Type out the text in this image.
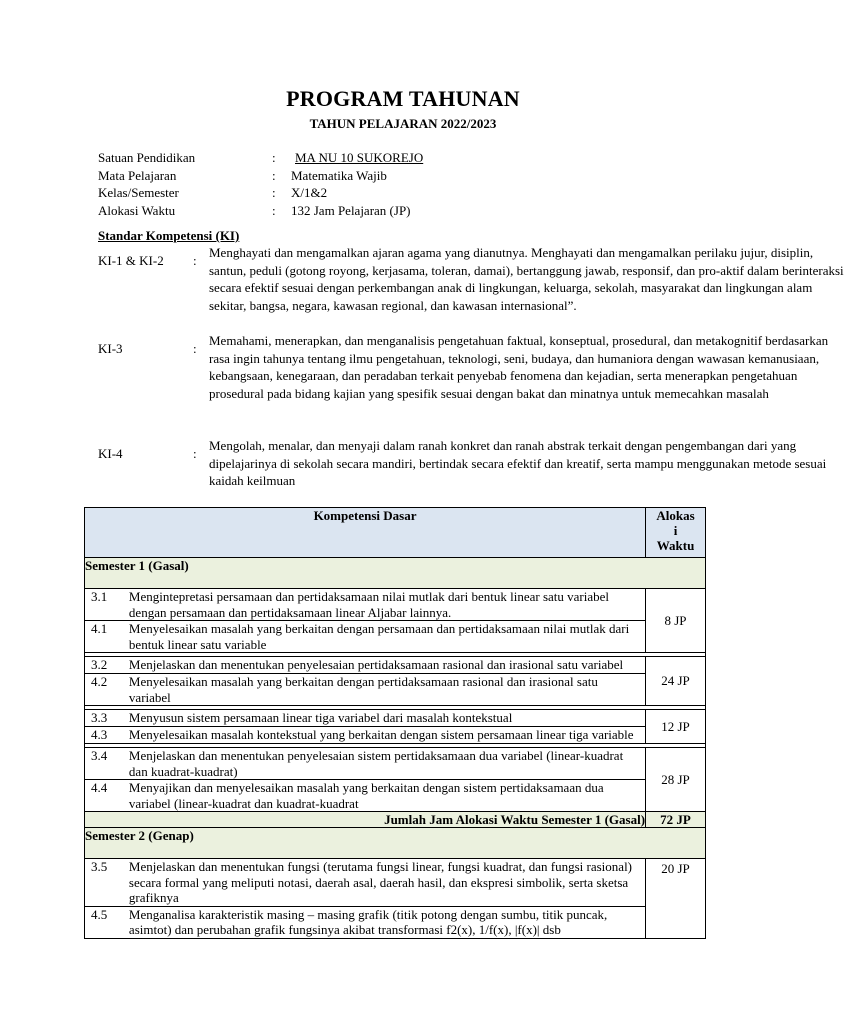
PROGRAM TAHUNAN
TAHUN PELAJARAN 2022/2023
Satuan Pendidikan	: MA NU 10 SUKOREJO
Mata Pelajaran	: Matematika Wajib
Kelas/Semester	: X/1&2
Alokasi Waktu	: 132 Jam Pelajaran (JP)
Standar Kompetensi (KI)
KI-1 & KI-2 :
Menghayati dan mengamalkan ajaran agama yang dianutnya. Menghayati dan mengamalkan perilaku jujur, disiplin, santun, peduli (gotong royong, kerjasama, toleran, damai), bertanggung jawab, responsif, dan pro-aktif dalam berinteraksi secara efektif sesuai dengan perkembangan anak di lingkungan, keluarga, sekolah, masyarakat dan lingkungan alam sekitar, bangsa, negara, kawasan regional, dan kawasan internasional”.
KI-3	:
Memahami, menerapkan, dan menganalisis pengetahuan faktual, konseptual, prosedural, dan metakognitif berdasarkan rasa ingin tahunya tentang ilmu pengetahuan, teknologi, seni, budaya, dan humaniora dengan wawasan kemanusiaan, kebangsaan, kenegaraan, dan peradaban terkait penyebab fenomena dan kejadian, serta menerapkan pengetahuan prosedural pada bidang kajian yang spesifik sesuai dengan bakat dan minatnya untuk memecahkan masalah
KI-4	:
Mengolah, menalar, dan menyaji dalam ranah konkret dan ranah abstrak terkait dengan pengembangan dari yang dipelajarinya di sekolah secara mandiri, bertindak secara efektif dan kreatif, serta mampu menggunakan metode sesuai kaidah keilmuan
Kompetensi Dasar		Alokas
i
Waktu

Semester 1 (Gasal)		
3.1	Mengintepretasi persamaan dan pertidaksamaan nilai mutlak dari bentuk linear satu variabel dengan persamaan dan pertidaksamaan linear Aljabar lainnya.	8 JP
4.1	Menyelesaikan masalah yang berkaitan dengan persamaan dan pertidaksamaan nilai mutlak dari bentuk linear satu variable	

3.2	Menjelaskan dan menentukan penyelesaian pertidaksamaan rasional dan irasional satu variabel	24 JP
4.2	Menyelesaikan masalah yang berkaitan dengan pertidaksamaan rasional dan irasional satu variabel	

3.3	Menyusun sistem persamaan linear tiga variabel dari masalah kontekstual	12 JP
4.3	Menyelesaikan masalah kontekstual yang berkaitan dengan sistem persamaan linear tiga variable	

3.4	Menjelaskan dan menentukan penyelesaian sistem pertidaksamaan dua variabel (linear-kuadrat dan kuadrat-kuadrat)	28 JP
4.4	Menyajikan dan menyelesaikan masalah yang berkaitan dengan sistem pertidaksamaan dua variabel (linear-kuadrat dan kuadrat-kuadrat	
Jumlah Jam Alokasi Waktu Semester 1 (Gasal)		72 JP
Semester 2 (Genap)		
3.5	Menjelaskan dan menentukan fungsi (terutama fungsi linear, fungsi kuadrat, dan fungsi rasional) secara formal yang meliputi notasi, daerah asal, daerah hasil, dan ekspresi simbolik, serta sketsa grafiknya	20 JP
4.5	Menganalisa karakteristik masing – masing grafik (titik potong dengan sumbu, titik puncak, asimtot) dan perubahan grafik fungsinya akibat transformasi f2(x), 1/f(x), |f(x)| dsb	
